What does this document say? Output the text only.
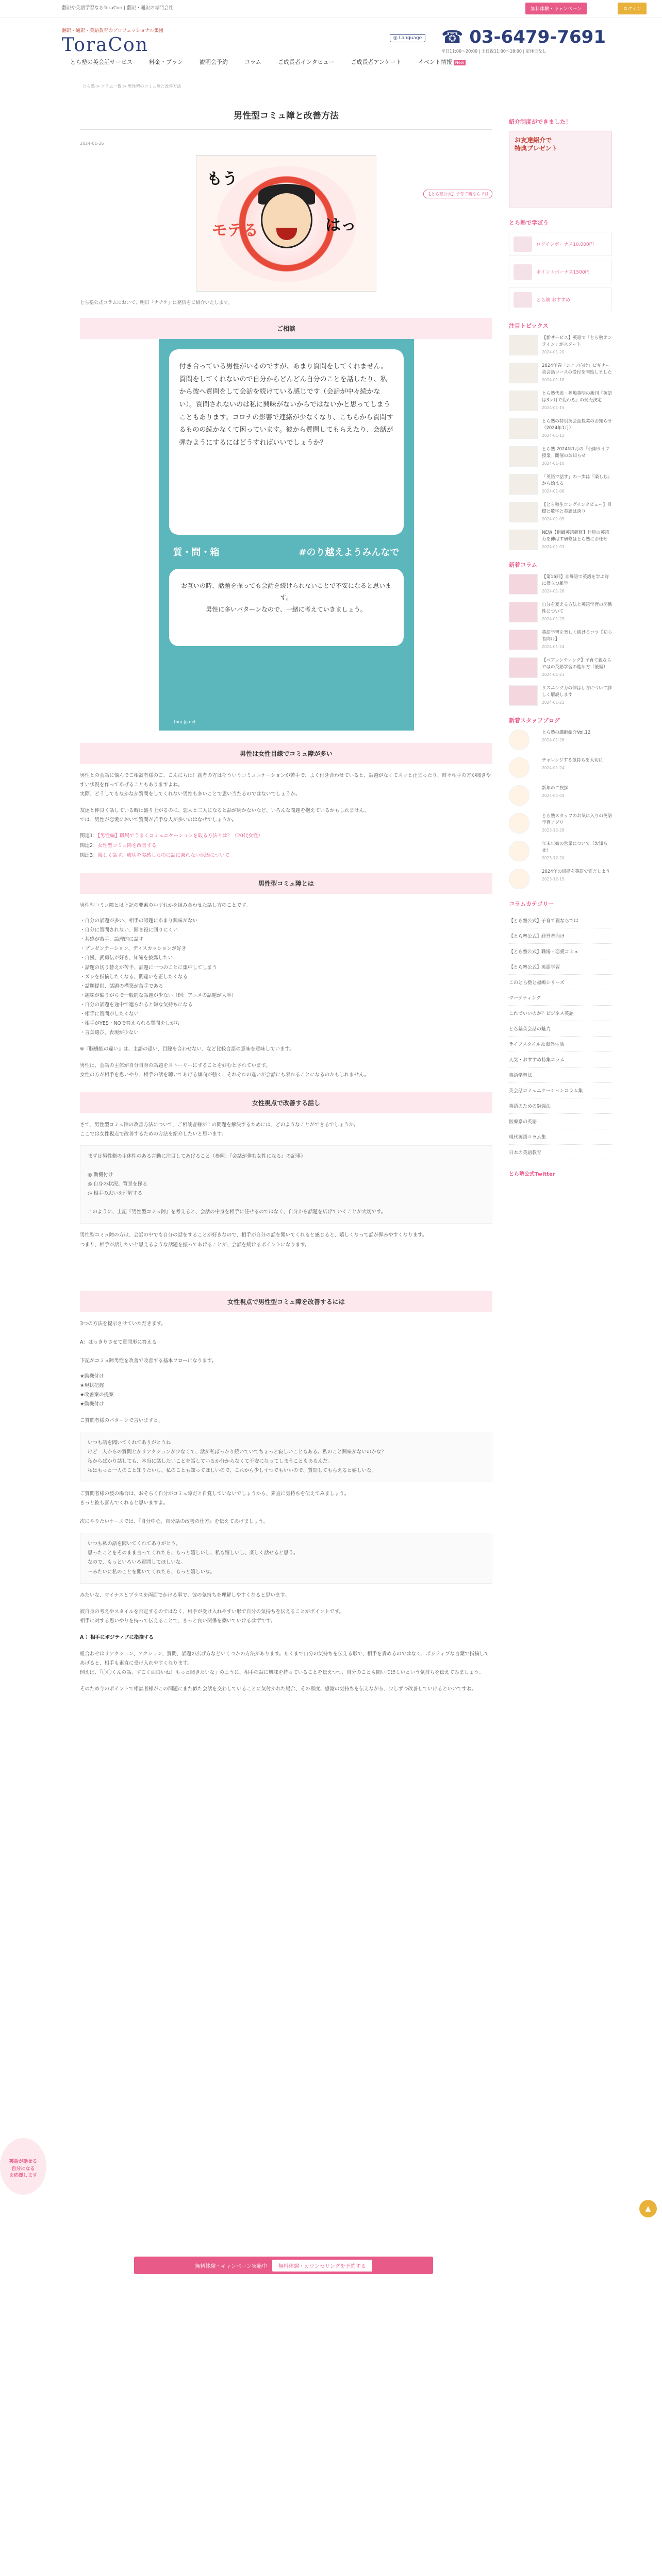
翻訳や英語学習ならToraCon | 翻訳・通訳の専門会社	無料体験・キャンペーン	ログイン
翻訳・通訳・英語教育のプロフェッショナル集団
ToraCon	◎ Language ☎ 03-6479-7691
平日11:00〜20:00 | 土日祝11:00〜18:00 | 定休日なし
とら塾の英会話サービス	料金・プラン	説明会予約	コラム	ご成長者インタビュー	ご成長者アンケート	イベント情報 New
とら塾 > コラム一覧 > 男性型のコミュ障と改善方法
男性型コミュ障と改善方法
【とら塾公式】子育て親ならでは
2024-01-26
もう
モテる	はっ
とら塾公式コラムにおいて、明日「ナチケ」に発信をご紹介いたします。
ご相談
付き合っている男性がいるのですが、あまり質問をしてくれません。質問をしてくれないので自分からどんどん自分のことを話したり、私から彼へ質問をして会話を続けている感じです（会話が中々続かない）。質問されないのは私に興味がないからではないかと思ってしまうこともあります。コロナの影響で連絡が少なくなり、こちらから質問するものの続かなくて困っています。彼から質問してもらえたり、会話が弾むようにするにはどうすればいいでしょうか？
質・問・箱	#のり越えようみんなで
お互いの時、話題を探っても会話を続けられないことで不安になると思います。
男性に多いパターンなので、一緒に考えていきましょう。
tora-jp.net
男性は女性目線でコミュ障が多い

男性との会話に悩んでご相談者様のご、こんにちは！就者の方はそういうコミュニケーションが苦手で、よく付き合わせていると、話題がなくてスッと止まったり、時々相手の方が聞きやすい状況を作ってあげることもありますよね。
実際、どうしてもなかなか質問をしてくれない男性も多いことで思い当たるのではないでしょうか。

友達と仲良く話している時は盛り上がるのに、恋人と二人になると話が続かないなど、いろんな問題を抱えているかもしれません。
では、男性が恋愛において質問が苦手な人が多いのはなぜでしょうか。

関連1：【男性編】職場でうまくコミュニケーションを取る方法とは？（20代女性）
関連2：女性型コミュ障を改善する
関連3：楽しく話す、成功を実感したのに話に乗れない原因について
男性型コミュ障とは

男性型コミュ障とは下記の要素のいずれかを組み合わせた話し方のことです。

・自分の話題が多い、相手の話題にあまり興味がない
・自分に質問されない、聞き役に回りにくい
・共感が苦手、論理的に話す
・プレゼンテーション、ディスカッションが好き
・自慢、武勇伝が好き、知識を披露したい
・話題の切り替えが苦手、話題に一つのことに集中してしまう
・ズレを指摘したくなる、間違いを正したくなる
・話題提供、話題の構築が苦手である
・趣味が偏りがちで一般的な話題が少ない（例：アニメの話題が大半）
・自分の話題を途中で遮られると嫌な気持ちになる
・相手に質問がしたくない
・相手がYES・NOで答えられる質問をしがち
・言葉選び、表現が少ない

※『脳機能の違い』は、主語の違い、目線を合わせない、など比較言語の意味を意味しています。

男性は、会話の主体が自分自身の話題をストーリーにすることを好むとされています。
女性の方が相手を思いやり、相手の話を聴いてあげる傾向が強く、それぞれの違いが会話にも表れることになるのかもしれません。

女性視点で改善する話し

さて、男性型コミュ障の改善方法について、ご相談者様がこの問題を解決するためには、どのようなことができるでしょうか。
ここでは女性視点で改善するための方法を紹介したいと思います。

まずは男性側の主体性のある言動に注目してあげること（参照：『会話が弾む女性になる』の記事）

◎ 動機付け
◎ 自身の状況、背景を探る
◎ 相手の思いを理解する

このように、上記『男性型コミュ障』を考えると、会話の中身を相手に任せるのではなく、自分から話題を広げていくことが大切です。

男性型コミュ障の方は、会話の中でも自分の話をすることが好きなので、相手が自分の話を聞いてくれると感じると、嬉しくなって話が弾みやすくなります。
つまり、相手が話したいと思えるような話題を振ってあげることが、会話を続けるポイントになります。

女性視点で男性型コミュ障を改善するには

3つの方法を提示させていただきます。

A：はっきりさせて質問形に答える

下記がコミュ障男性を改善で改善する基本フローになります。

★動機付け
★現状把握
★改善案の提案
★動機付け

ご質問者様のパターンで言いますと、

いつも話を聞いてくれてありがとうね
けど一人からの質問とかリアクションが少なくて、話が私ばっかり続いていてちょっと寂しいこともある。私のこと興味がないのかな？
私からばかり話しても、本当に話したいことを話しているか分からなくて不安になってしまうこともあるんだ。
私はもっと一人のこと知りたいし、私のことも知ってほしいので、これから少しずつでもいいので、質問してもらえると嬉しいな。

ご質問者様の彼の場合は、おそらく自分がコミュ障だと自覚していないでしょうから、素直に気持ちを伝えてみましょう。
きっと彼も喜んでくれると思いますよ。

次にやりたいケースでは、『自分中心、自分話の改善の仕方』を伝えてあげましょう。

いつも私の話を聞いてくれてありがとう。
思ったことをそのまま言ってくれたら、もっと嬉しいし、私も嬉しいし、楽しく話せると思う。
なので、もっといろいろ質問してほしいな。
〜みたいに私のことを聞いてくれたら、もっと嬉しいな。

みたいな、マイナスとプラスを両面でかける事で、彼の気持ちを理解しやすくなると思います。

彼自身の考えやスタイルを否定するのではなく、相手が受け入れやすい形で自分の気持ちを伝えることがポイントです。
相手に対する思いやりを持って伝えることで、きっと良い関係を築いていけるはずです。

A ）相手にポジティブに指摘する

組合わせはリアクション、アクション、質問、話題の広げ方などいくつかの方法があります。あくまで自分の気持ちを伝える形で、相手を責めるのではなく、ポジティブな言葉で指摘してあげると、相手も素直に受け入れやすくなります。
例えば、「〇〇くんの話、すごく面白いね！もっと聞きたいな」のように、相手の話に興味を持っていることを伝えつつ、自分のことも聞いてほしいという気持ちを伝えてみましょう。

そのため今のポイントで相談者様がこの問題にまた似た会話を交わしていることに気付かれた場合、その都度、感謝の気持ちを伝えながら、少しずつ改善していけるといいですね。

紹介制度ができました！
お友達紹介で
特典プレゼント
とら塾で学ぼう
ログインボーナス10,000円
ポイントボーナス1500円
とら塾 おすすめ
注目トピックス
【新サービス】英語で「とら塾オンライン」がスタート
2024-01-20
2024年春「シニア向け」ビギナー英会話コースの受付を開始しました
2024-01-18
とら塾代表・福嶋英明の新刊『英語は3ヶ月で変わる』の発売決定
2024-01-15
とら塾の特別英会話授業のお知らせ（2024年1月）
2024-01-12
とら塾 2024年1月の「公開ライブ授業」開催のお知らせ
2024-01-10
「英語で話す」の一歩は『楽しむ』から始まる
2024-01-08
【とら塾生ロングインタビュー】目標と数字と英語は誇り
2024-01-05
NEW【組織英語研修】社員の英語力を伸ばす研修はとら塾にお任せ
2024-01-03
新着コラム
【第16回】非母語で英語を学ぶ時に役立つ雑学
2024-01-26
自分を変える方法と英語学習の関係性について
2024-01-25
英語学習を楽しく続けるコツ【初心者向け】
2024-01-24
【ペアレンティング】子育て親ならではの英語学習の進め方（後編）
2024-01-23
リスニング力の伸ばし方について詳しく解説します
2024-01-22
新着スタッフブログ
とら塾の講師紹介Vol.12
2024-01-26
チャレンジする気持ちを大切に
2024-01-24
新年のご挨拶
2024-01-04
とら塾スタッフのお気に入りの英語学習アプリ
2023-12-28
年末年始の営業について（お知らせ）
2023-12-20
2024年の目標を英語で宣言しよう
2023-12-15
コラムカテゴリー
【とら塾公式】子育て親ならでは
【とら塾公式】経営者向け
【とら塾公式】職場・恋愛コミュ
【とら塾公式】英語学習
このとら塾と福嶋シリーズ
マーケティング
これでいいのか？ビジネス英語
とら塾英会話の魅力
ライフスタイル＆海外生活
人気・おすすめ特集コラム
英語学習法
英会話コミュニケーションコラム集
英語のための勉強法
医療系の英語
現代英語コラム集
日本の英語教育
とら塾公式Twitter
英語が話せる
自分になる
を応援します
無料体験・キャンペーン実施中	無料体験・カウンセリングを予約する
▲
